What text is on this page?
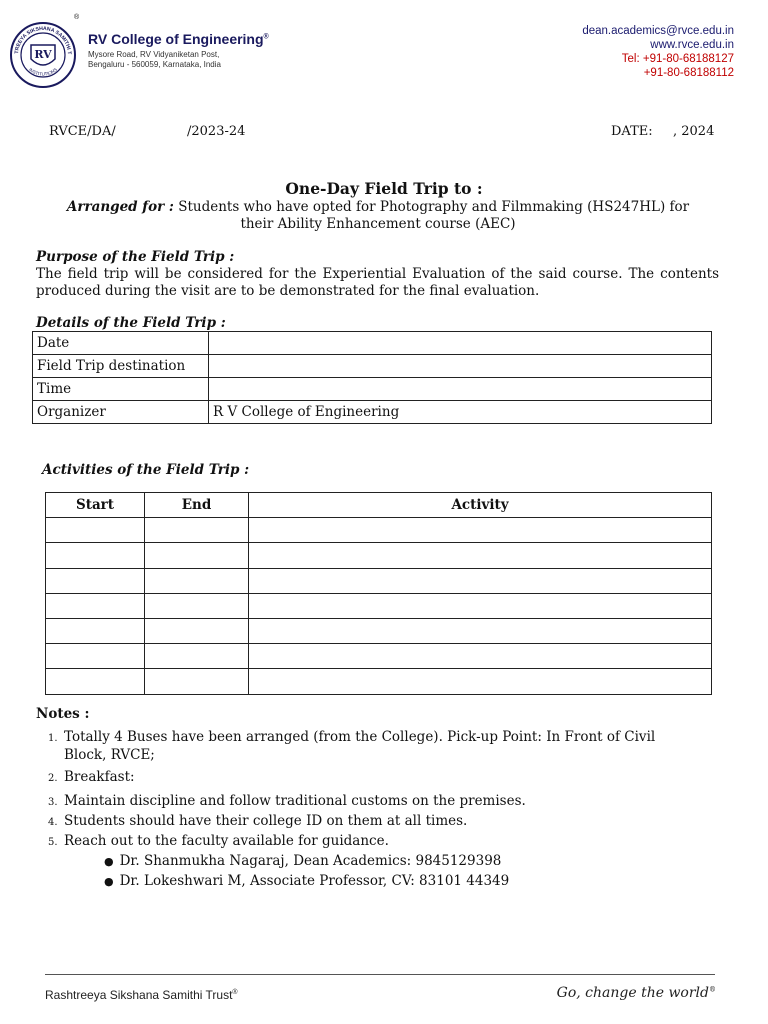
TREEYA SIKSHANA SAMITHI T
INSTITUTIONS
RV
®
RV College of Engineering®
Mysore Road, RV Vidyaniketan Post,
Bengaluru - 560059, Karnataka, India
dean.academics@rvce.edu.in
www.rvce.edu.in
Tel: +91-80-68188127
+91-80-68188112
RVCE/DA/	/2023-24	DATE: , 2024
One-Day Field Trip to :
Arranged for : Students who have opted for Photography and Filmmaking (HS247HL) for
their Ability Enhancement course (AEC)
Purpose of the Field Trip :
The field trip will be considered for the Experiential Evaluation of the said course. The contents produced during the visit are to be demonstrated for the final evaluation.
Details of the Field Trip :
Date	
Field Trip destination	
Time	
Organizer	R V College of Engineering
Activities of the Field Trip :
Start	End	Activity

Notes :
1. Totally 4 Buses have been arranged (from the College). Pick-up Point: In Front of Civil
Block, RVCE;
2. Breakfast:
3. Maintain discipline and follow traditional customs on the premises.
4. Students should have their college ID on them at all times.
5. Reach out to the faculty available for guidance.
● Dr. Shanmukha Nagaraj, Dean Academics: 9845129398
● Dr. Lokeshwari M, Associate Professor, CV: 83101 44349
Rashtreeya Sikshana Samithi Trust®	Go, change the world®
